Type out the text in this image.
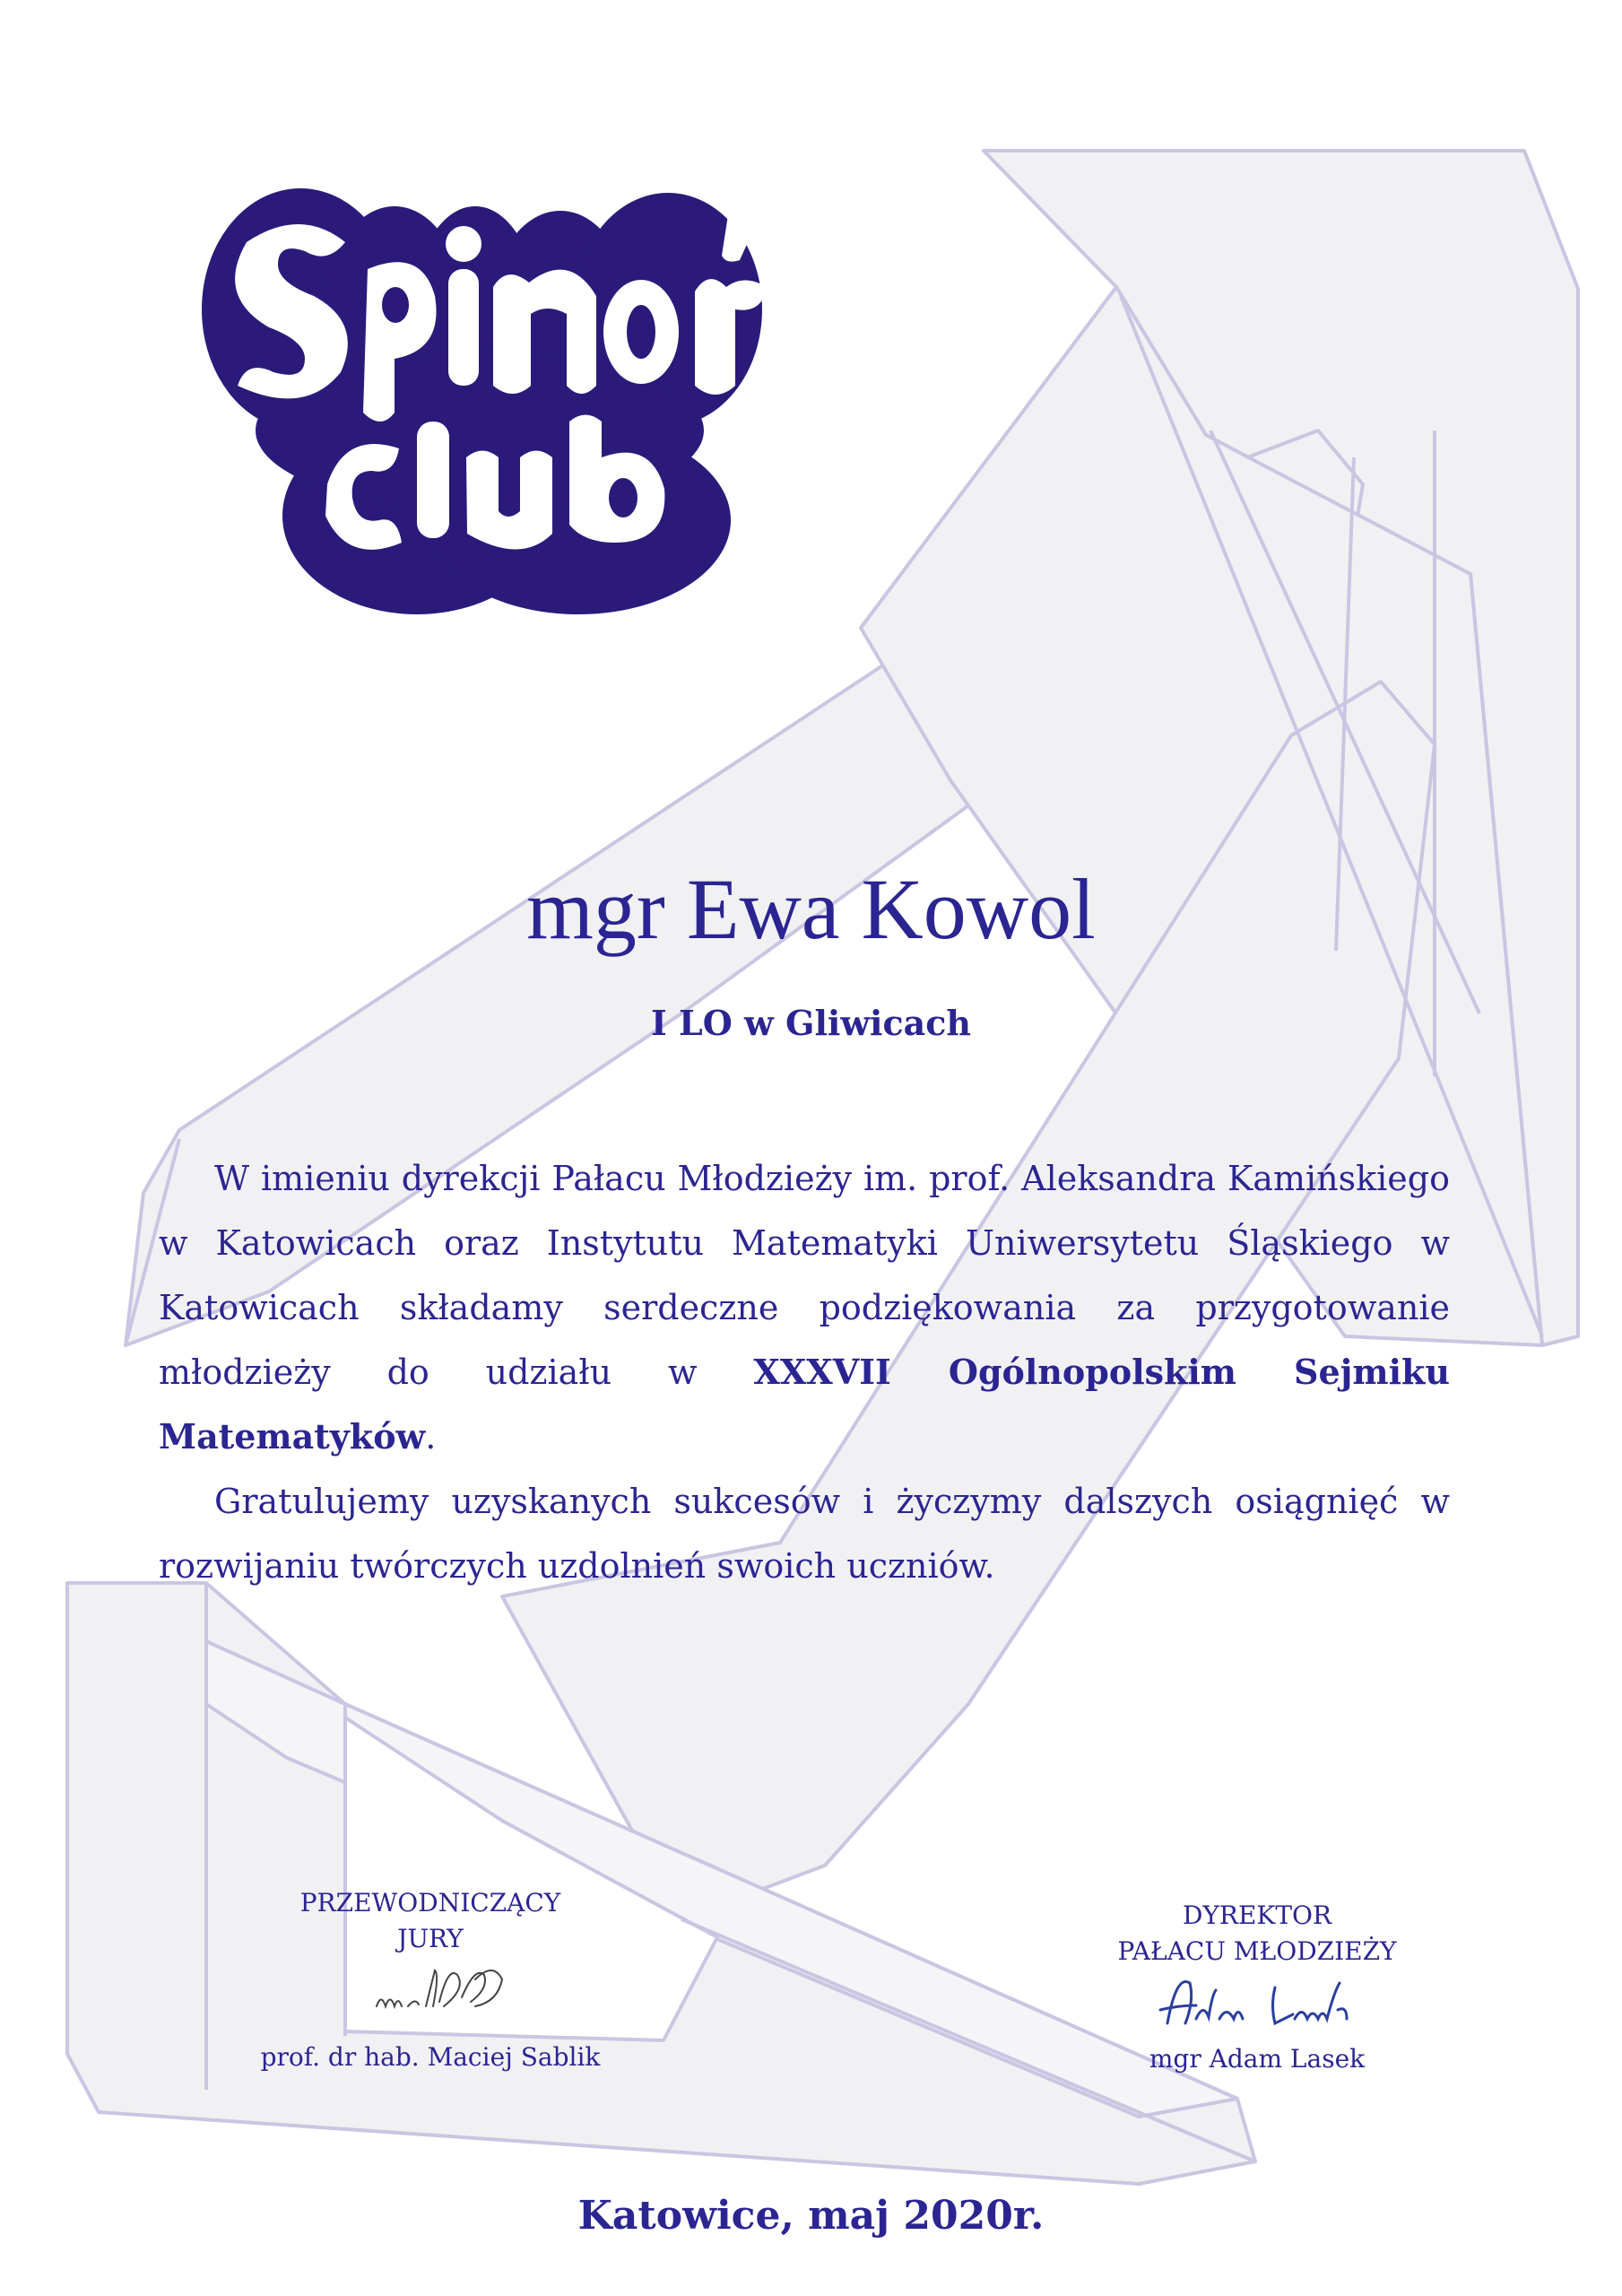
mgr Ewa Kowol
I LO w Gliwicach

W imieniu dyrekcji Pałacu Młodzieży im. prof. Aleksandra Kamińskiego w Katowicach oraz Instytutu Matematyki Uniwersytetu Śląskiego w Katowicach składamy serdeczne podziękowania za przygotowanie młodzieży do udziału w XXXVII Ogólnopolskim Sejmiku Matematyków.

Gratulujemy uzyskanych sukcesów i życzymy dalszych osiągnięć w rozwijaniu twórczych uzdolnień swoich uczniów.

PRZEWODNICZĄCY
JURY
prof. dr hab. Maciej Sablik
DYREKTOR
PAŁACU MŁODZIEŻY
mgr Adam Lasek
Katowice, maj 2020r.
